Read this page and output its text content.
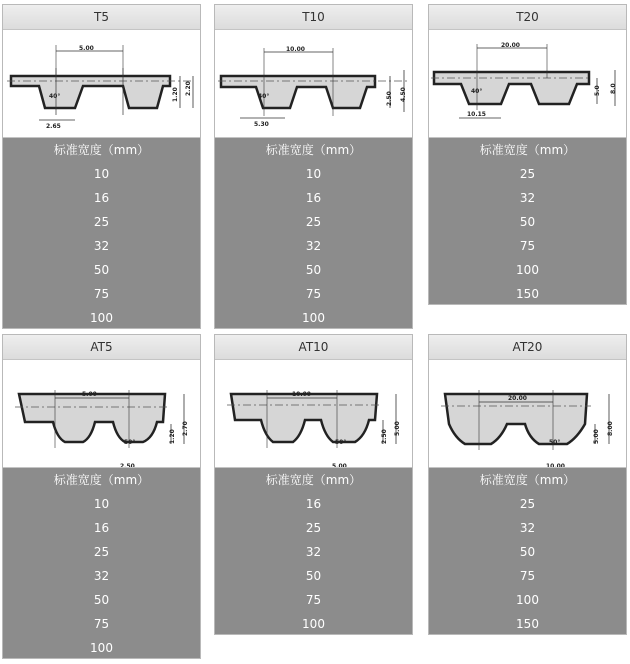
T5
5.00
40°
2.65
1.20 2.20
标准宽度（mm）
10
16
25
32
50
75
100
T10
10.00
40°
5.30
2.50 4.50
标准宽度（mm）
10
16
25
32
50
75
100
T20
20.00
40°
10.15
5.0 8.0
标准宽度（mm）
25
32
50
75
100
150
AT5
5.00
50°
2.50
1.20
2.70
标准宽度（mm）
10
16
25
32
50
75
100
AT10
10.00
50°
5.00
2.50
5.00
标准宽度（mm）
16
25
32
50
75
100
AT20
20.00
50°
10.00
5.00
8.00
标准宽度（mm）
25
32
50
75
100
150
